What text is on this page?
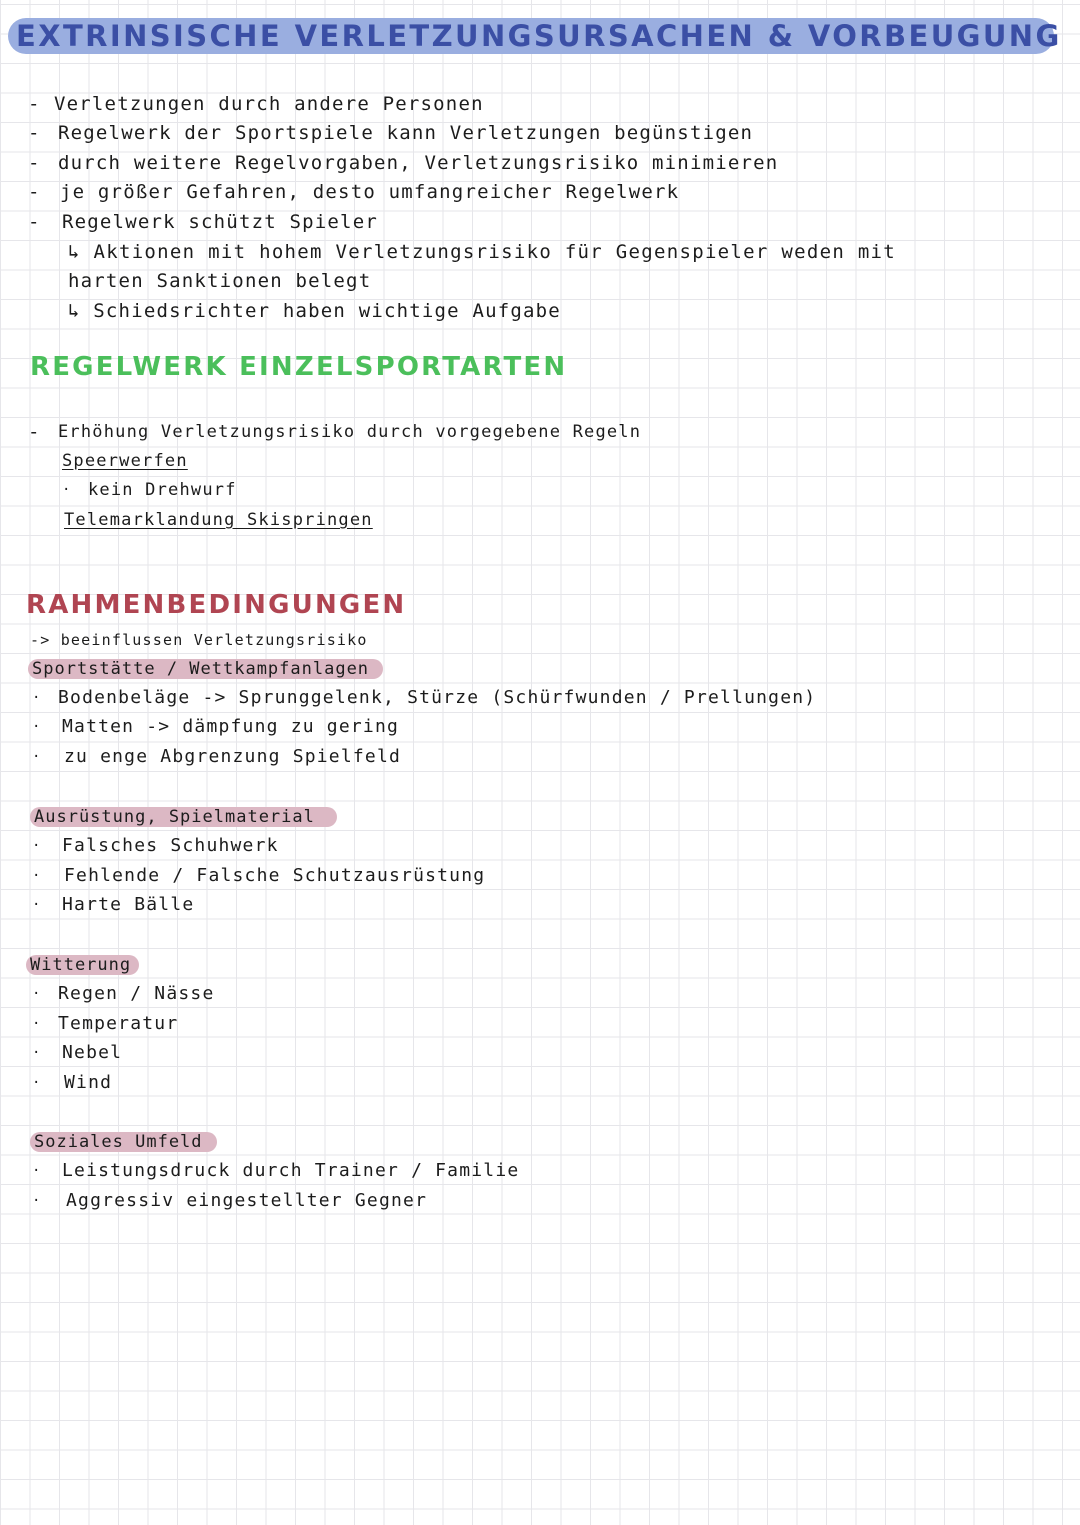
EXTRINSISCHE VERLETZUNGSURSACHEN & VORBEUGUNG
- Verletzungen durch andere Personen
- Regelwerk der Sportspiele kann Verletzungen begünstigen
- durch weitere Regelvorgaben, Verletzungsrisiko minimieren
- je größer Gefahren, desto umfangreicher Regelwerk
- Regelwerk schützt Spieler
↳ Aktionen mit hohem Verletzungsrisiko für Gegenspieler weden mit
harten Sanktionen belegt
↳ Schiedsrichter haben wichtige Aufgabe
REGELWERK EINZELSPORTARTEN
- Erhöhung Verletzungsrisiko durch vorgegebene Regeln
Speerwerfen
· kein Drehwurf
Telemarklandung Skispringen
RAHMENBEDINGUNGEN
-> beeinflussen Verletzungsrisiko
Sportstätte / Wettkampfanlagen
· Bodenbeläge -> Sprunggelenk, Stürze (Schürfwunden / Prellungen)
· Matten -> dämpfung zu gering
· zu enge Abgrenzung Spielfeld
Ausrüstung, Spielmaterial
· Falsches Schuhwerk
· Fehlende / Falsche Schutzausrüstung
· Harte Bälle
Witterung
· Regen / Nässe
· Temperatur
· Nebel
· Wind
Soziales Umfeld
· Leistungsdruck durch Trainer / Familie
· Aggressiv eingestellter Gegner
